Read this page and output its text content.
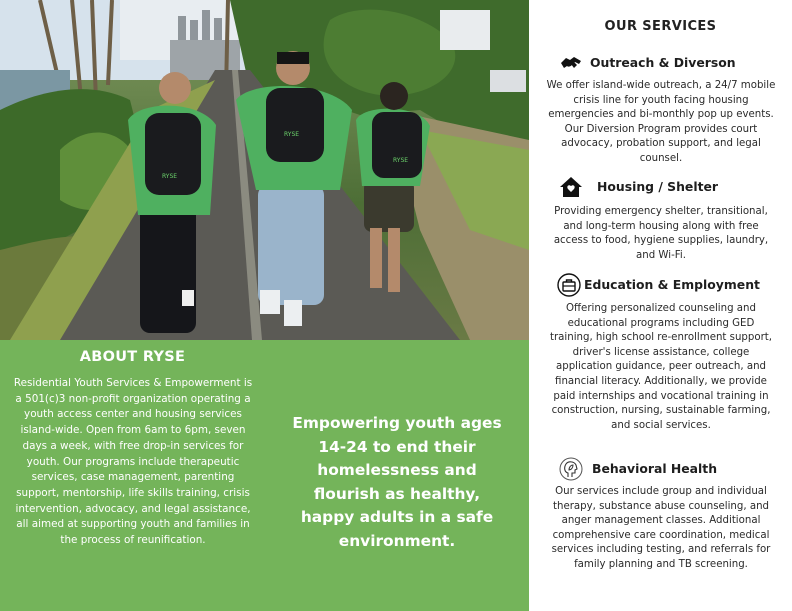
RYSE
RYSE
RYSE
ABOUT RYSE
Residential Youth Services & Empowerment is a 501(c)3 non-profit organization operating a youth access center and housing services island-wide. Open from 6am to 6pm, seven days a week, with free drop-in services for youth. Our programs include therapeutic services, case management, parenting support, mentorship, life skills training, crisis intervention, advocacy, and legal assistance, all aimed at supporting youth and families in the process of reunification.
Empowering youth ages 14-24 to end their homelessness and flourish as healthy, happy adults in a safe environment.
OUR SERVICES
Outreach & Diverson
We offer island-wide outreach, a 24/7 mobile crisis line for youth facing housing emergencies and bi-monthly pop up events. Our Diversion Program provides court advocacy, probation support, and legal counsel.
Housing / Shelter
Providing emergency shelter, transitional, and long-term housing along with free access to food, hygiene supplies, laundry, and Wi-Fi.
Education & Employment
Offering personalized counseling and educational programs including GED training, high school re-enrollment support, driver's license assistance, college application guidance, peer outreach, and financial literacy. Additionally, we provide paid internships and vocational training in construction, nursing, sustainable farming, and social services.
Behavioral Health
Our services include group and individual therapy, substance abuse counseling, and anger management classes. Additional comprehensive care coordination, medical services including testing, and referrals for family planning and TB screening.
